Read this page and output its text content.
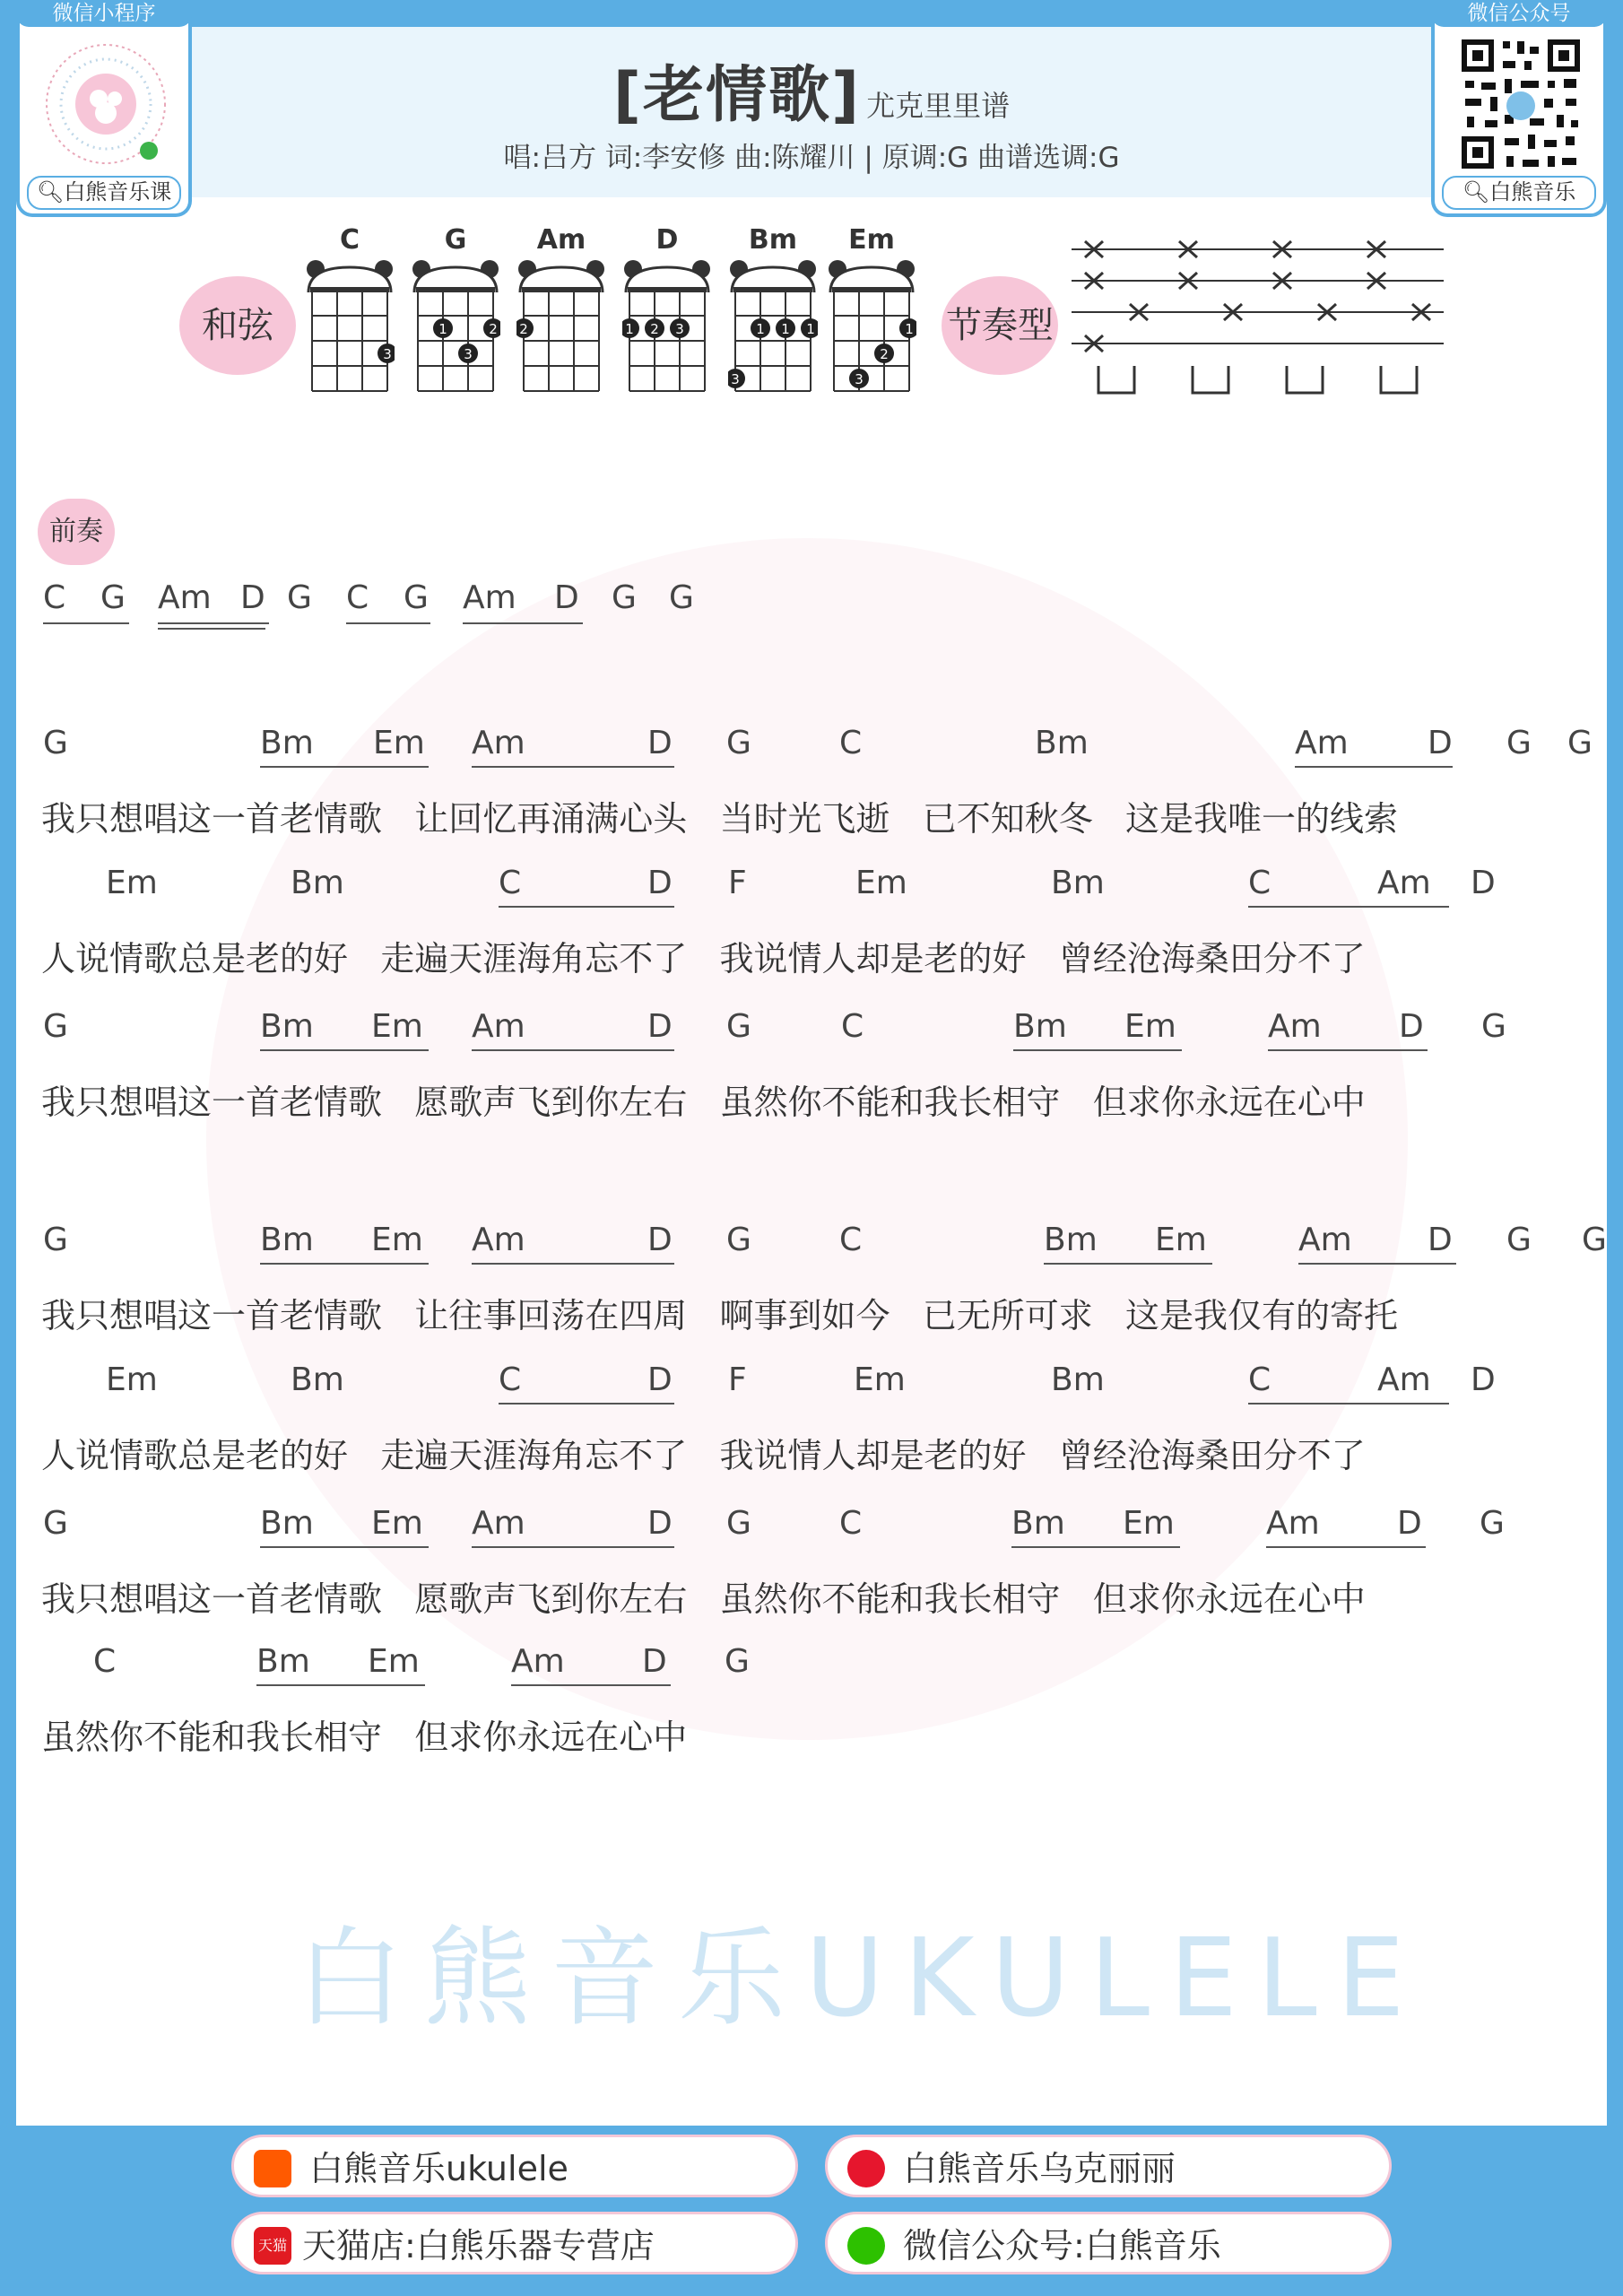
微信小程序
🔍︎白熊音乐课
微信公众号
🔍︎白熊音乐
[老情歌] 尤克里里谱
唱:吕方 词:李安修 曲:陈耀川 | 原调:G 曲谱选调:G
和弦	节奏型
C
3
G
1	2
3
Am
2
D
1 2 3
Bm
1 1 1
3
Em
1
2
3
前奏
C G Am D G C G Am D G G
G	Bm Em Am	D G	C	Bm	Am D G G
我只想唱这一首老情歌   让回忆再涌满心头   当时光飞逝   已不知秋冬   这是我唯一的线索
Em	Bm	C	D F	Em	Bm	C	Am D
人说情歌总是老的好   走遍天涯海角忘不了   我说情人却是老的好   曾经沧海桑田分不了
G	Bm Em Am	D G	C	Bm Em	Am D G
我只想唱这一首老情歌   愿歌声飞到你左右   虽然你不能和我长相守   但求你永远在心中
G	Bm Em Am	D G	C	Bm Em	Am D G G
我只想唱这一首老情歌   让往事回荡在四周   啊事到如今   已无所可求   这是我仅有的寄托
Em	Bm	C	D F	Em	Bm	C	Am D
人说情歌总是老的好   走遍天涯海角忘不了   我说情人却是老的好   曾经沧海桑田分不了
G	Bm Em Am	D G	C	Bm Em	Am D G
我只想唱这一首老情歌   愿歌声飞到你左右   虽然你不能和我长相守   但求你永远在心中
C	Bm Em	Am D G
虽然你不能和我长相守   但求你永远在心中
白熊音乐UKULELE
白熊音乐ukulele	白熊音乐乌克丽丽
天猫 天猫店:白熊乐器专营店	微信公众号:白熊音乐
